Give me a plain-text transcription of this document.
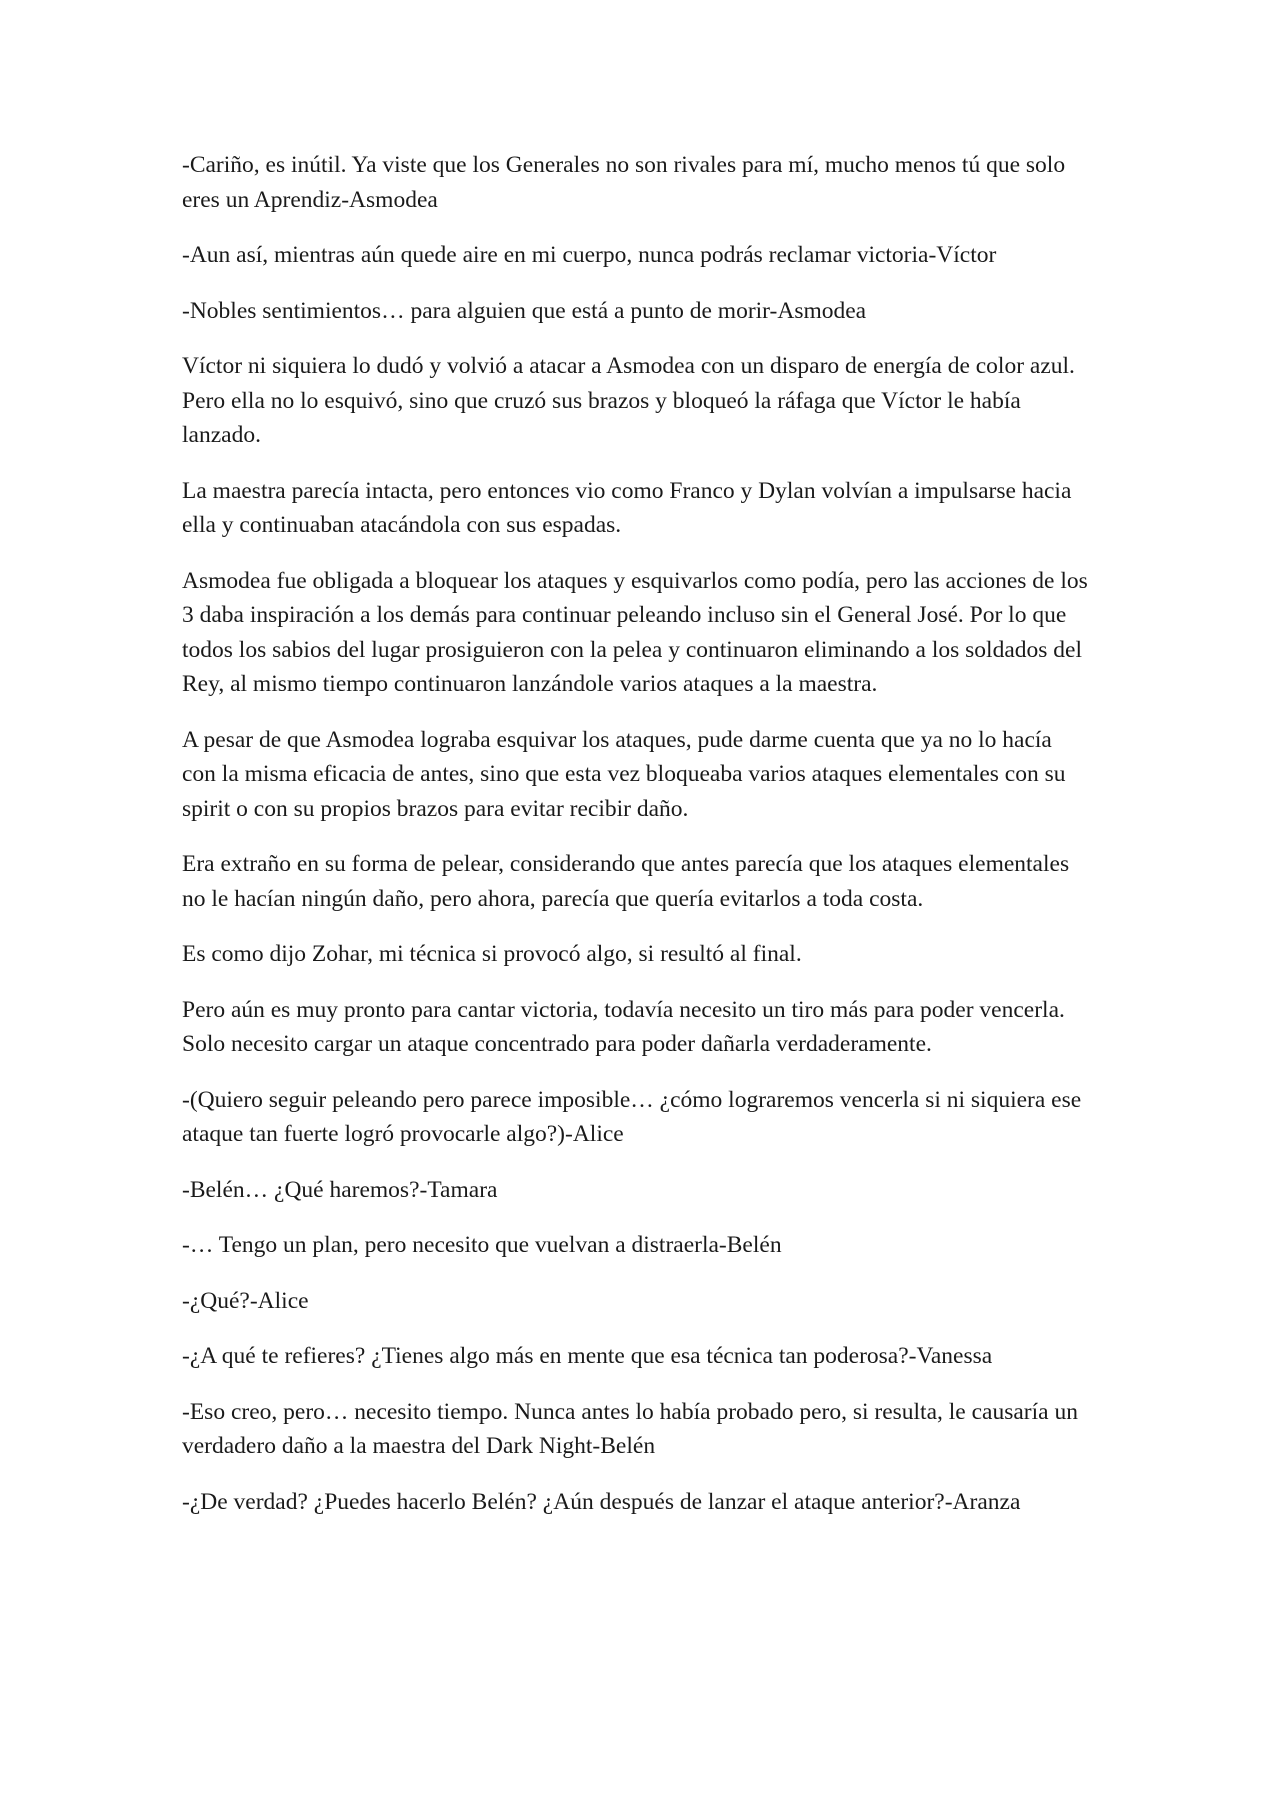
-Cariño, es inútil. Ya viste que los Generales no son rivales para mí, mucho menos tú que solo eres un Aprendiz-Asmodea

-Aun así, mientras aún quede aire en mi cuerpo, nunca podrás reclamar victoria-Víctor

-Nobles sentimientos… para alguien que está a punto de morir-Asmodea

Víctor ni siquiera lo dudó y volvió a atacar a Asmodea con un disparo de energía de color azul. Pero ella no lo esquivó, sino que cruzó sus brazos y bloqueó la ráfaga que Víctor le había lanzado.

La maestra parecía intacta, pero entonces vio como Franco y Dylan volvían a impulsarse hacia ella y continuaban atacándola con sus espadas.

Asmodea fue obligada a bloquear los ataques y esquivarlos como podía, pero las acciones de los 3 daba inspiración a los demás para continuar peleando incluso sin el General José. Por lo que todos los sabios del lugar prosiguieron con la pelea y continuaron eliminando a los soldados del Rey, al mismo tiempo continuaron lanzándole varios ataques a la maestra.

A pesar de que Asmodea lograba esquivar los ataques, pude darme cuenta que ya no lo hacía con la misma eficacia de antes, sino que esta vez bloqueaba varios ataques elementales con su spirit o con su propios brazos para evitar recibir daño.

Era extraño en su forma de pelear, considerando que antes parecía que los ataques elementales no le hacían ningún daño, pero ahora, parecía que quería evitarlos a toda costa.

Es como dijo Zohar, mi técnica si provocó algo, si resultó al final.

Pero aún es muy pronto para cantar victoria, todavía necesito un tiro más para poder vencerla. Solo necesito cargar un ataque concentrado para poder dañarla verdaderamente.

-(Quiero seguir peleando pero parece imposible… ¿cómo lograremos vencerla si ni siquiera ese ataque tan fuerte logró provocarle algo?)-Alice

-Belén… ¿Qué haremos?-Tamara

-… Tengo un plan, pero necesito que vuelvan a distraerla-Belén

-¿Qué?-Alice

-¿A qué te refieres? ¿Tienes algo más en mente que esa técnica tan poderosa?-Vanessa

-Eso creo, pero… necesito tiempo. Nunca antes lo había probado pero, si resulta, le causaría un verdadero daño a la maestra del Dark Night-Belén

-¿De verdad? ¿Puedes hacerlo Belén? ¿Aún después de lanzar el ataque anterior?-Aranza
